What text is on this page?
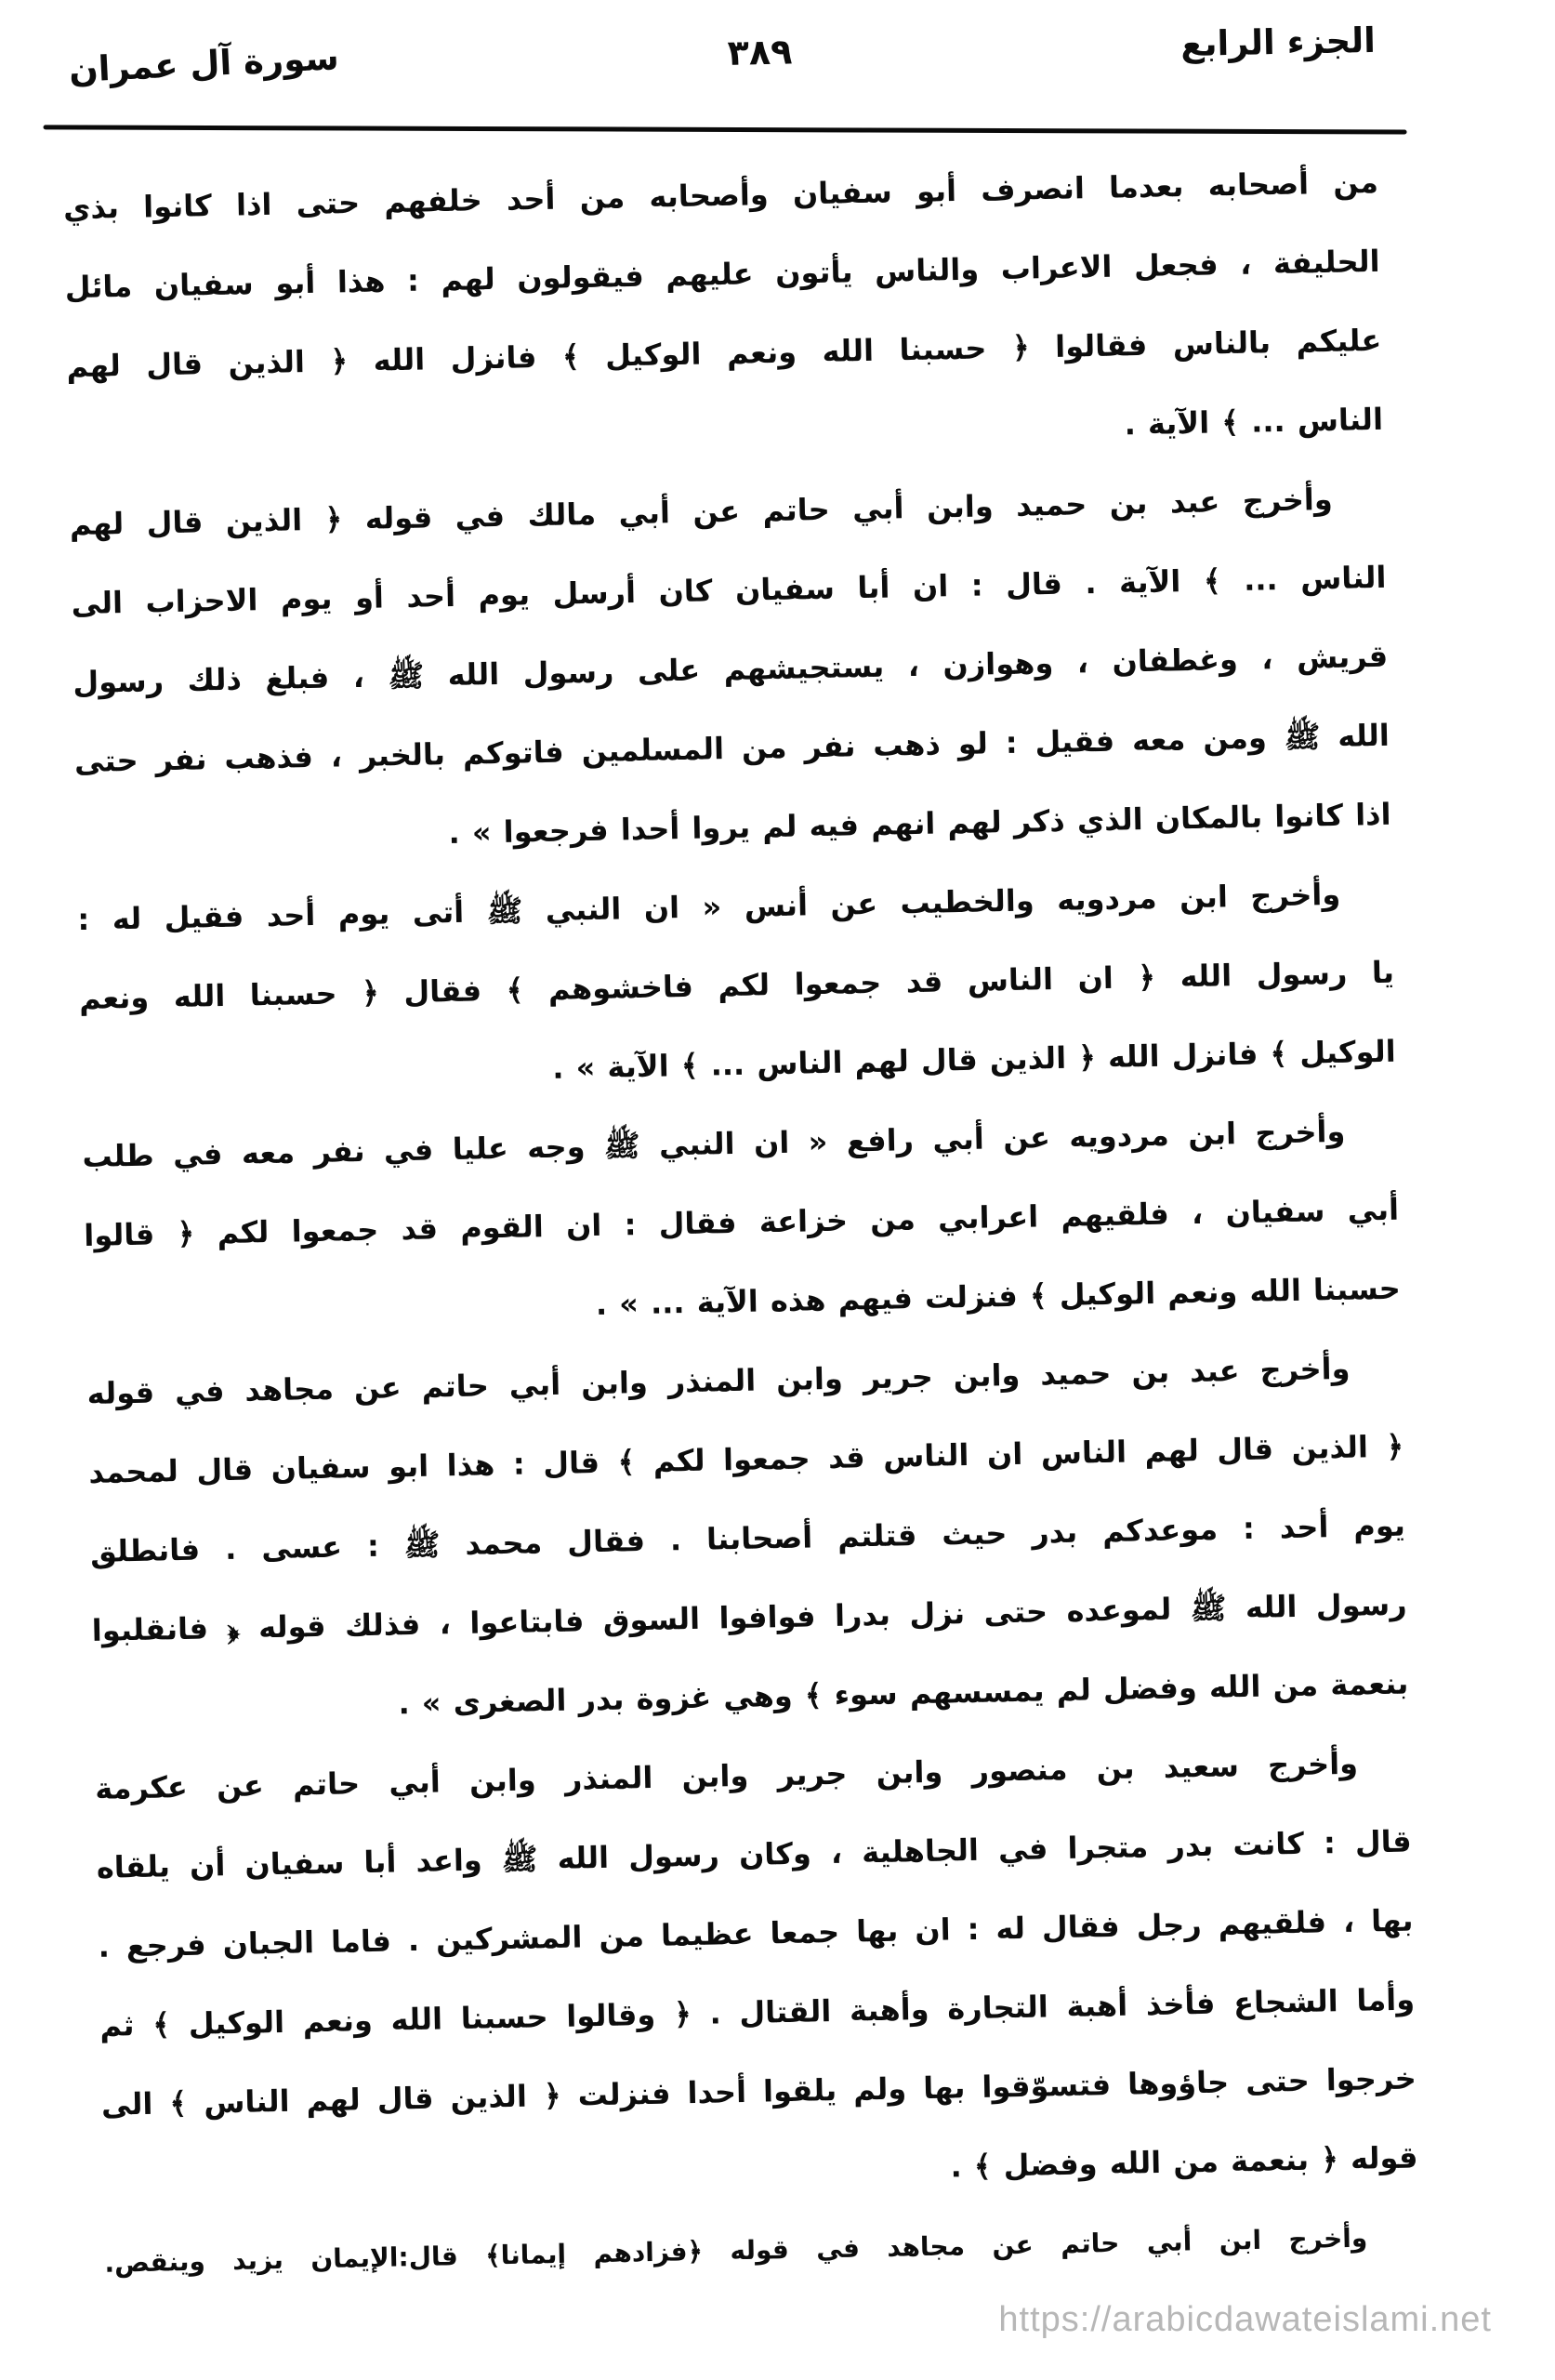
الجزء الرابع
٣٨٩
سورة آل عمران
من أصحابه بعدما انصرف أبو سفيان وأصحابه من أحد خلفهم حتى اذا كانوا بذي
الحليفة ، فجعل الاعراب والناس يأتون عليهم فيقولون لهم : هذا أبو سفيان مائل
عليكم بالناس فقالوا ﴿ حسبنا الله ونعم الوكيل ﴾ فانزل الله ﴿ الذين قال لهم
الناس ... ﴾ الآية .
وأخرج عبد بن حميد وابن أبي حاتم عن أبي مالك في قوله ﴿ الذين قال لهم
الناس ... ﴾ الآية . قال : ان أبا سفيان كان أرسل يوم أحد أو يوم الاحزاب الى
قريش ، وغطفان ، وهوازن ، يستجيشهم على رسول الله ﷺ ، فبلغ ذلك رسول
الله ﷺ ومن معه فقيل : لو ذهب نفر من المسلمين فاتوكم بالخبر ، فذهب نفر حتى
اذا كانوا بالمكان الذي ذكر لهم انهم فيه لم يروا أحدا فرجعوا » .
وأخرج ابن مردويه والخطيب عن أنس « ان النبي ﷺ أتى يوم أحد فقيل له :
يا رسول الله ﴿ ان الناس قد جمعوا لكم فاخشوهم ﴾ فقال ﴿ حسبنا الله ونعم
الوكيل ﴾ فانزل الله ﴿ الذين قال لهم الناس ... ﴾ الآية » .
وأخرج ابن مردويه عن أبي رافع « ان النبي ﷺ وجه عليا في نفر معه في طلب
أبي سفيان ، فلقيهم اعرابي من خزاعة فقال : ان القوم قد جمعوا لكم ﴿ قالوا
حسبنا الله ونعم الوكيل ﴾ فنزلت فيهم هذه الآية ... » .
وأخرج عبد بن حميد وابن جرير وابن المنذر وابن أبي حاتم عن مجاهد في قوله
﴿ الذين قال لهم الناس ان الناس قد جمعوا لكم ﴾ قال : هذا ابو سفيان قال لمحمد
يوم أحد : موعدكم بدر حيث قتلتم أصحابنا . فقال محمد ﷺ : عسى . فانطلق
رسول الله ﷺ لموعده حتى نزل بدرا فوافوا السوق فابتاعوا ، فذلك قوله ﴿ فانقلبوا
بنعمة من الله وفضل لم يمسسهم سوء ﴾ وهي غزوة بدر الصغرى » .
وأخرج سعيد بن منصور وابن جرير وابن المنذر وابن أبي حاتم عن عكرمة
قال : كانت بدر متجرا في الجاهلية ، وكان رسول الله ﷺ واعد أبا سفيان أن يلقاه
بها ، فلقيهم رجل فقال له : ان بها جمعا عظيما من المشركين . فاما الجبان فرجع .
وأما الشجاع فأخذ أهبة التجارة وأهبة القتال . ﴿ وقالوا حسبنا الله ونعم الوكيل ﴾ ثم
خرجوا حتى جاؤوها فتسوّقوا بها ولم يلقوا أحدا فنزلت ﴿ الذين قال لهم الناس ﴾ الى
قوله ﴿ بنعمة من الله وفضل ﴾ .
وأخرج ابن أبي حاتم عن مجاهد في قوله ﴿فزادهم إيمانا﴾ قال:الإيمان يزيد وينقص.
https://arabicdawateislami.net
